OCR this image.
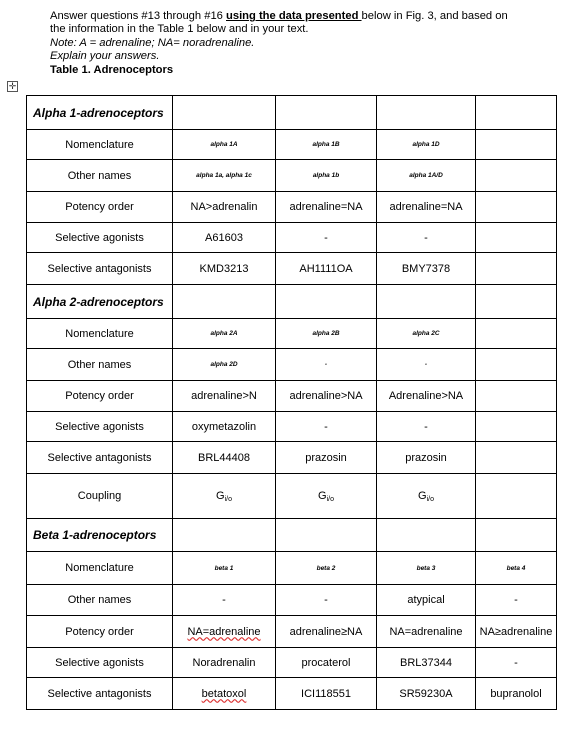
Answer questions #13 through #16 using the data presented below in Fig. 3, and based on

the information in the Table 1 below and in your text.

Note: A = adrenaline; NA= noradrenaline.

Explain your answers.

Table 1. Adrenoceptors

✛
Alpha 1-adrenoceptors				
Nomenclature	alpha 1A	alpha 1B	alpha 1D	
Other names	alpha 1a, alpha 1c	alpha 1b	alpha 1A/D	
Potency order	NA>adrenalin	adrenaline=NA	adrenaline=NA	
Selective agonists	A61603	-	-	
Selective antagonists	KMD3213	AH1111OA	BMY7378	
Alpha 2-adrenoceptors				
Nomenclature	alpha 2A	alpha 2B	alpha 2C	
Other names	alpha 2D	-	-	
Potency order	adrenaline>N	adrenaline>NA	Adrenaline>NA	
Selective agonists	oxymetazolin	-	-	
Selective antagonists	BRL44408	prazosin	prazosin	
Coupling	$G_{i/o}$	$G_{i/o}$	$G_{i/o}$	
Beta 1-adrenoceptors				
Nomenclature	beta 1	beta 2	beta 3	beta 4
Other names	-	-	atypical	-
Potency order	NA=adrenaline	adrenaline≥NA	NA=adrenaline	NA≥adrenaline
Selective agonists	Noradrenalin	procaterol	BRL37344	-
Selective antagonists	betatoxol	ICI118551	SR59230A	bupranolol
